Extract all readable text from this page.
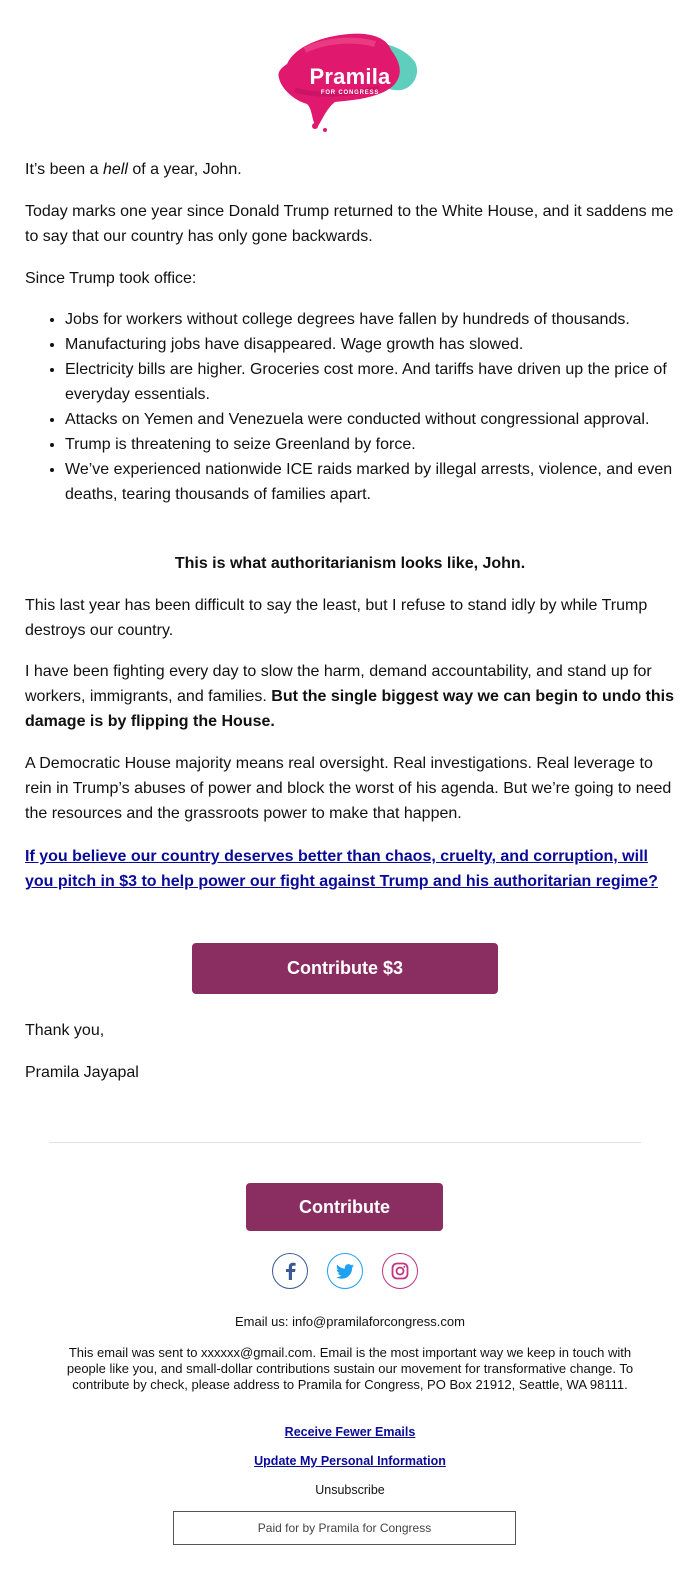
Pramila
FOR CONGRESS

It’s been a hell of a year, John.

Today marks one year since Donald Trump returned to the White House, and it saddens me to say that our country has only gone backwards.

Since Trump took office:

• Jobs for workers without college degrees have fallen by hundreds of thousands.
• Manufacturing jobs have disappeared. Wage growth has slowed.
• Electricity bills are higher. Groceries cost more. And tariffs have driven up the price of everyday essentials.
• Attacks on Yemen and Venezuela were conducted without congressional approval.
• Trump is threatening to seize Greenland by force.
• We’ve experienced nationwide ICE raids marked by illegal arrests, violence, and even deaths, tearing thousands of families apart.
This is what authoritarianism looks like, John.

This last year has been difficult to say the least, but I refuse to stand idly by while Trump destroys our country.

I have been fighting every day to slow the harm, demand accountability, and stand up for workers, immigrants, and families. But the single biggest way we can begin to undo this damage is by flipping the House.

A Democratic House majority means real oversight. Real investigations. Real leverage to rein in Trump’s abuses of power and block the worst of his agenda. But we’re going to need the resources and the grassroots power to make that happen.

If you believe our country deserves better than chaos, cruelty, and corruption, will you pitch in $3 to help power our fight against Trump and his authoritarian regime?

Contribute $3

Thank you,

Pramila Jayapal

Contribute
Email us: info@pramilaforcongress.com
This email was sent to xxxxxx@gmail.com. Email is the most important way we keep in touch with people like you, and small-dollar contributions sustain our movement for transformative change. To contribute by check, please address to Pramila for Congress, PO Box 21912, Seattle, WA 98111.
Receive Fewer Emails
Update My Personal Information
Unsubscribe
Paid for by Pramila for Congress
